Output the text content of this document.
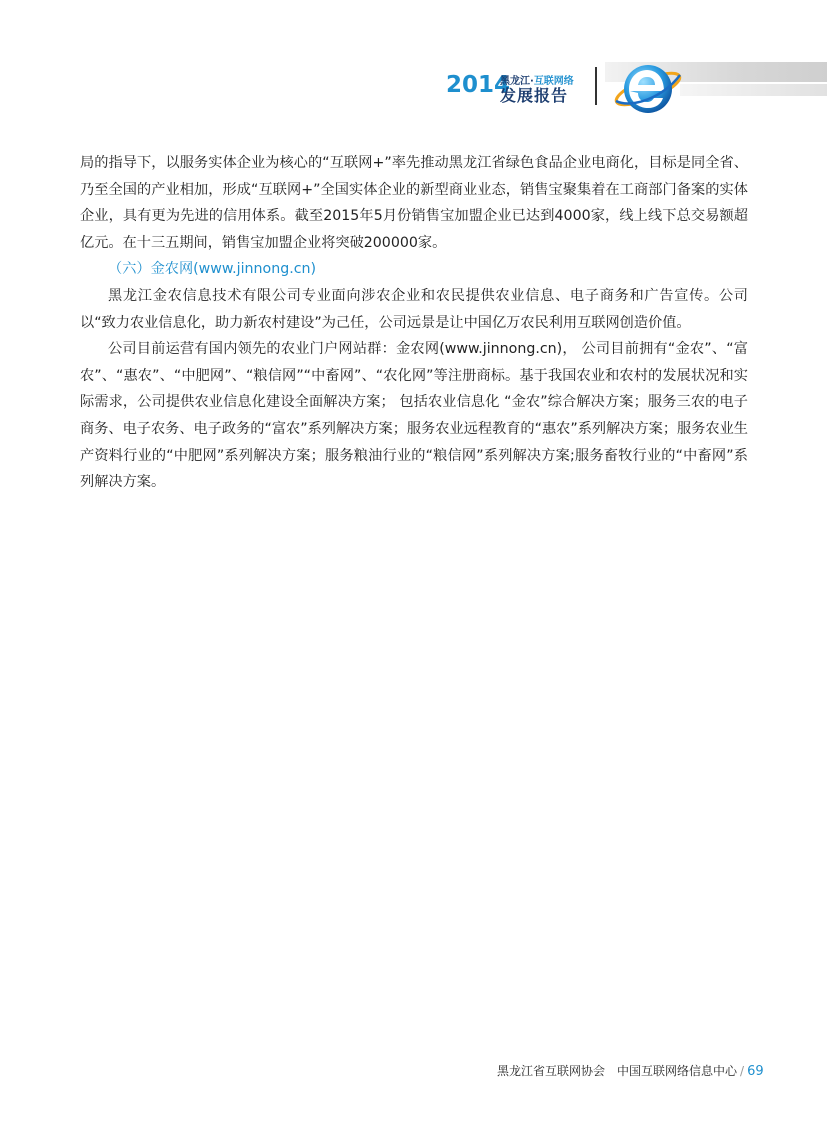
2014
黑龙江·互联网络
发展报告

局的指导下，以服务实体企业为核心的“互联网+”率先推动黑龙江省绿色食品企业电商化，目标是同全省、乃至全国的产业相加，形成“互联网+”全国实体企业的新型商业业态，销售宝聚集着在工商部门备案的实体企业，具有更为先进的信用体系。截至2015年5月份销售宝加盟企业已达到4000家，线上线下总交易额超亿元。在十三五期间，销售宝加盟企业将突破200000家。

（六）金农网(www.jinnong.cn)

黑龙江金农信息技术有限公司专业面向涉农企业和农民提供农业信息、电子商务和广告宣传。公司以“致力农业信息化，助力新农村建设”为己任，公司远景是让中国亿万农民利用互联网创造价值。

公司目前运营有国内领先的农业门户网站群：金农网(www.jinnong.cn)， 公司目前拥有“金农”、“富农”、“惠农”、“中肥网”、“粮信网”“中畜网”、“农化网”等注册商标。基于我国农业和农村的发展状况和实际需求，公司提供农业信息化建设全面解决方案； 包括农业信息化 “金农”综合解决方案；服务三农的电子商务、电子农务、电子政务的“富农”系列解决方案；服务农业远程教育的“惠农”系列解决方案；服务农业生产资料行业的“中肥网”系列解决方案；服务粮油行业的“粮信网”系列解决方案;服务畜牧行业的“中畜网”系列解决方案。

黑龙江省互联网协会　中国互联网络信息中心 / 69
